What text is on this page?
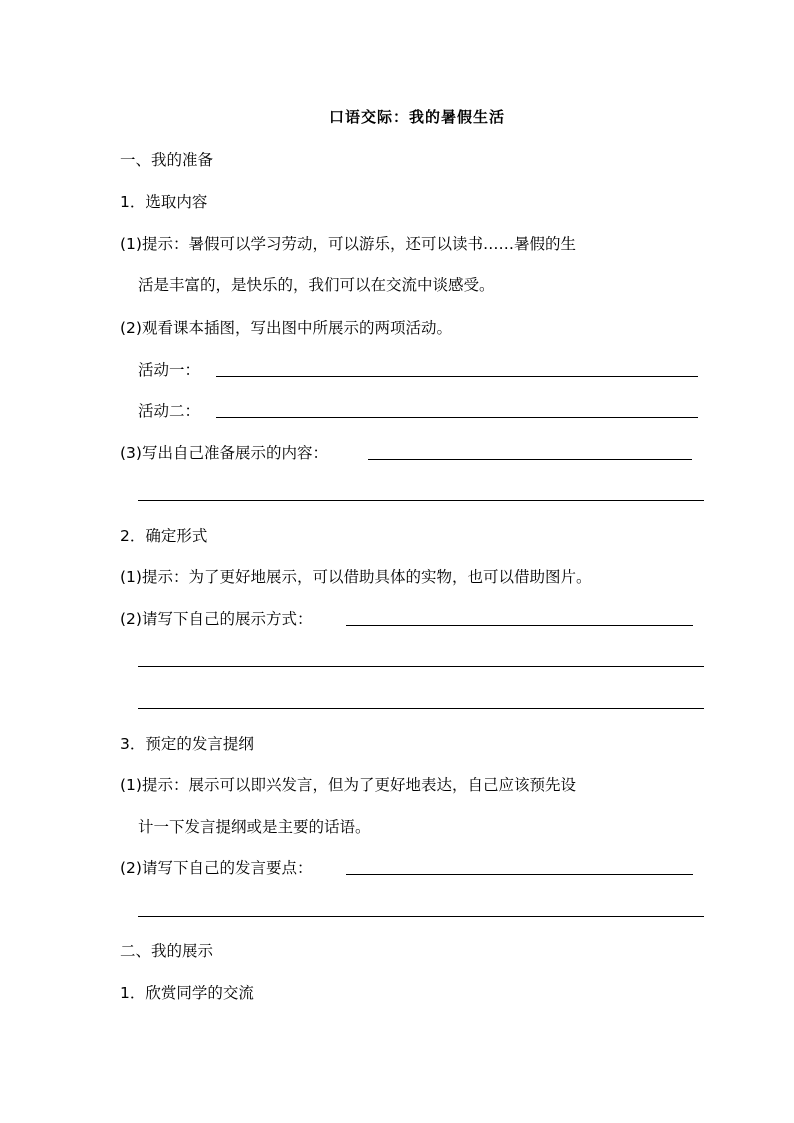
口语交际：我的暑假生活
一、我的准备
1．选取内容
(1)提示：暑假可以学习劳动，可以游乐，还可以读书……暑假的生
活是丰富的，是快乐的，我们可以在交流中谈感受。
(2)观看课本插图，写出图中所展示的两项活动。
活动一：
活动二：
(3)写出自己准备展示的内容：
2．确定形式
(1)提示：为了更好地展示，可以借助具体的实物，也可以借助图片。
(2)请写下自己的展示方式：
3．预定的发言提纲
(1)提示：展示可以即兴发言，但为了更好地表达，自己应该预先设
计一下发言提纲或是主要的话语。
(2)请写下自己的发言要点：
二、我的展示
1．欣赏同学的交流
